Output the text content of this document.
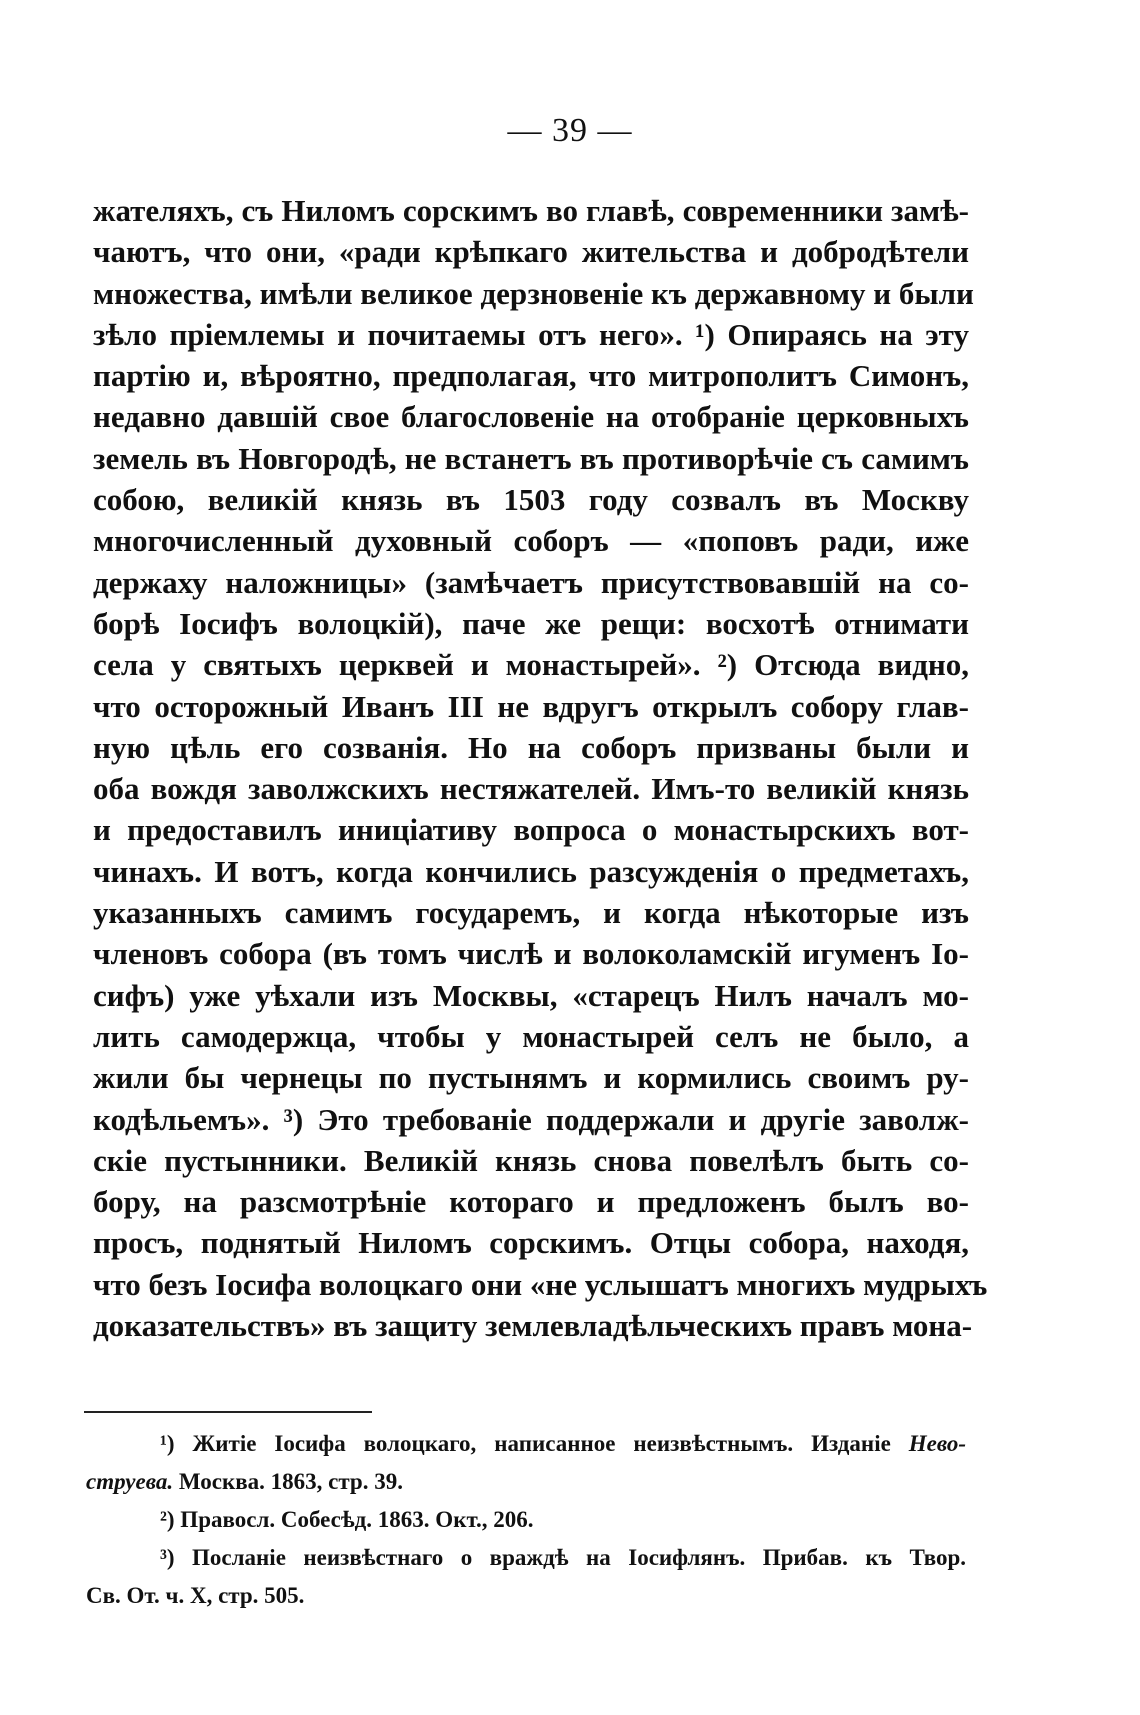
— 39 —
жателяхъ, съ Ниломъ сорскимъ во главѣ, современники замѣ-
чаютъ, что они, «ради крѣпкаго жительства и добродѣтели
множества, имѣли великое дерзновеніе къ державному и были
зѣло пріемлемы и почитаемы отъ него». ¹) Опираясь на эту
партію и, вѣроятно, предполагая, что митрополитъ Симонъ,
недавно давшій свое благословеніе на отобраніе церковныхъ
земель въ Новгородѣ, не встанетъ въ противорѣчіе съ самимъ
собою, великій князь въ 1503 году созвалъ въ Москву
многочисленный духовный соборъ — «поповъ ради, иже
держаху наложницы» (замѣчаетъ присутствовавшій на со-
борѣ Іосифъ волоцкій), паче же рещи: восхотѣ отнимати
села у святыхъ церквей и монастырей». ²) Отсюда видно,
что осторожный Иванъ III не вдругъ открылъ собору глав-
ную цѣль его созванія. Но на соборъ призваны были и
оба вождя заволжскихъ нестяжателей. Имъ-то великій князь
и предоставилъ иниціативу вопроса о монастырскихъ вот-
чинахъ. И вотъ, когда кончились разсужденія о предметахъ,
указанныхъ самимъ государемъ, и когда нѣкоторые изъ
членовъ собора (въ томъ числѣ и волоколамскій игуменъ Іо-
сифъ) уже уѣхали изъ Москвы, «старецъ Нилъ началъ мо-
лить самодержца, чтобы у монастырей селъ не было, а
жили бы чернецы по пустынямъ и кормились своимъ ру-
кодѣльемъ». ³) Это требованіе поддержали и другіе заволж-
скіе пустынники. Великій князь снова повелѣлъ быть со-
бору, на разсмотрѣніе котораго и предложенъ былъ во-
просъ, поднятый Ниломъ сорскимъ. Отцы собора, находя,
что безъ Іосифа волоцкаго они «не услышатъ многихъ мудрыхъ
доказательствъ» въ защиту землевладѣльческихъ правъ мона-
¹) Житіе Іосифа волоцкаго, написанное неизвѣстнымъ. Изданіе Нево-
струева. Москва. 1863, стр. 39.
²) Правосл. Собесѣд. 1863. Окт., 206.
³) Посланіе неизвѣстнаго о враждѣ на Іосифлянъ. Прибав. къ Твор.
Св. От. ч. X, стр. 505.
